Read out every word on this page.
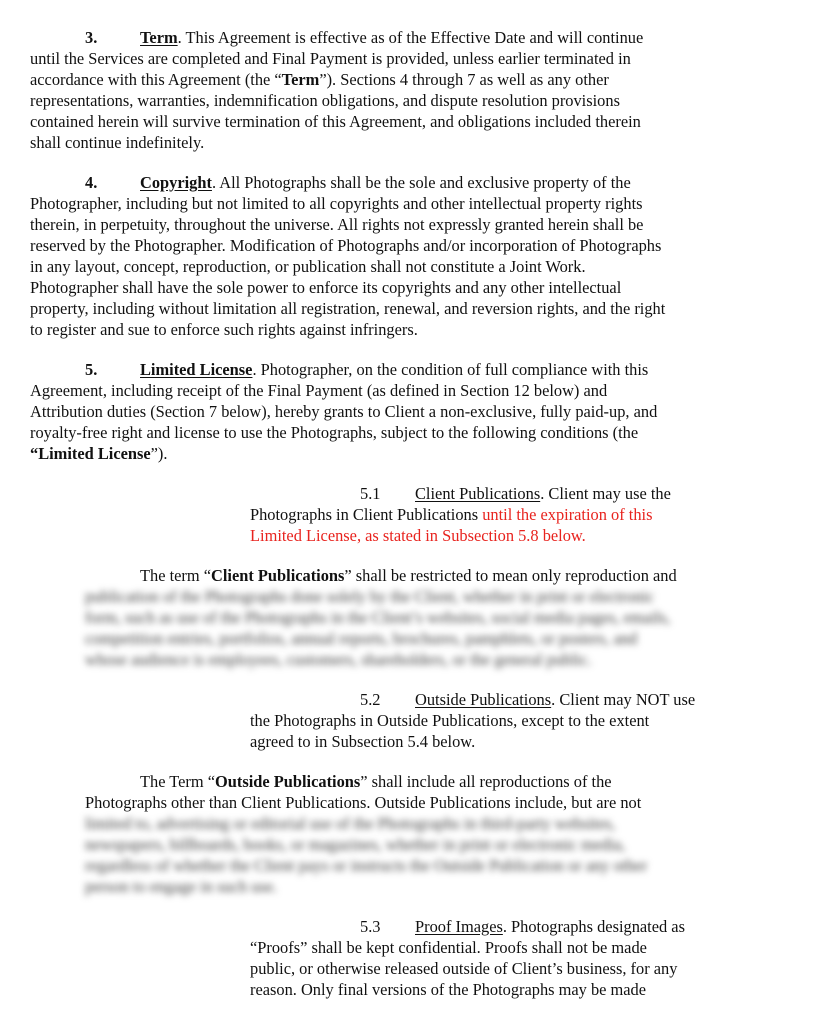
3.	Term. This Agreement is effective as of the Effective Date and will continue
until the Services are completed and Final Payment is provided, unless earlier terminated in
accordance with this Agreement (the “Term”). Sections 4 through 7 as well as any other
representations, warranties, indemnification obligations, and dispute resolution provisions
contained herein will survive termination of this Agreement, and obligations included therein
shall continue indefinitely.
4.	Copyright. All Photographs shall be the sole and exclusive property of the
Photographer, including but not limited to all copyrights and other intellectual property rights
therein, in perpetuity, throughout the universe. All rights not expressly granted herein shall be
reserved by the Photographer. Modification of Photographs and/or incorporation of Photographs
in any layout, concept, reproduction, or publication shall not constitute a Joint Work.
Photographer shall have the sole power to enforce its copyrights and any other intellectual
property, including without limitation all registration, renewal, and reversion rights, and the right
to register and sue to enforce such rights against infringers.
5.	Limited License. Photographer, on the condition of full compliance with this
Agreement, including receipt of the Final Payment (as defined in Section 12 below) and
Attribution duties (Section 7 below), hereby grants to Client a non-exclusive, fully paid-up, and
royalty-free right and license to use the Photographs, subject to the following conditions (the
“Limited License”).
5.1 Client Publications. Client may use the
Photographs in Client Publications until the expiration of this
Limited License, as stated in Subsection 5.8 below.
The term “Client Publications” shall be restricted to mean only reproduction and
publication of the Photographs done solely by the Client, whether in print or electronic
form, such as use of the Photographs in the Client’s websites, social media pages, emails,
competition entries, portfolios, annual reports, brochures, pamphlets, or posters, and
whose audience is employees, customers, shareholders, or the general public.
5.2 Outside Publications. Client may NOT use
the Photographs in Outside Publications, except to the extent
agreed to in Subsection 5.4 below.
The Term “Outside Publications” shall include all reproductions of the
Photographs other than Client Publications. Outside Publications include, but are not
limited to, advertising or editorial use of the Photographs in third-party websites,
newspapers, billboards, books, or magazines, whether in print or electronic media,
regardless of whether the Client pays or instructs the Outside Publication or any other
person to engage in such use.
5.3 Proof Images. Photographs designated as
“Proofs” shall be kept confidential. Proofs shall not be made
public, or otherwise released outside of Client’s business, for any
reason. Only final versions of the Photographs may be made
